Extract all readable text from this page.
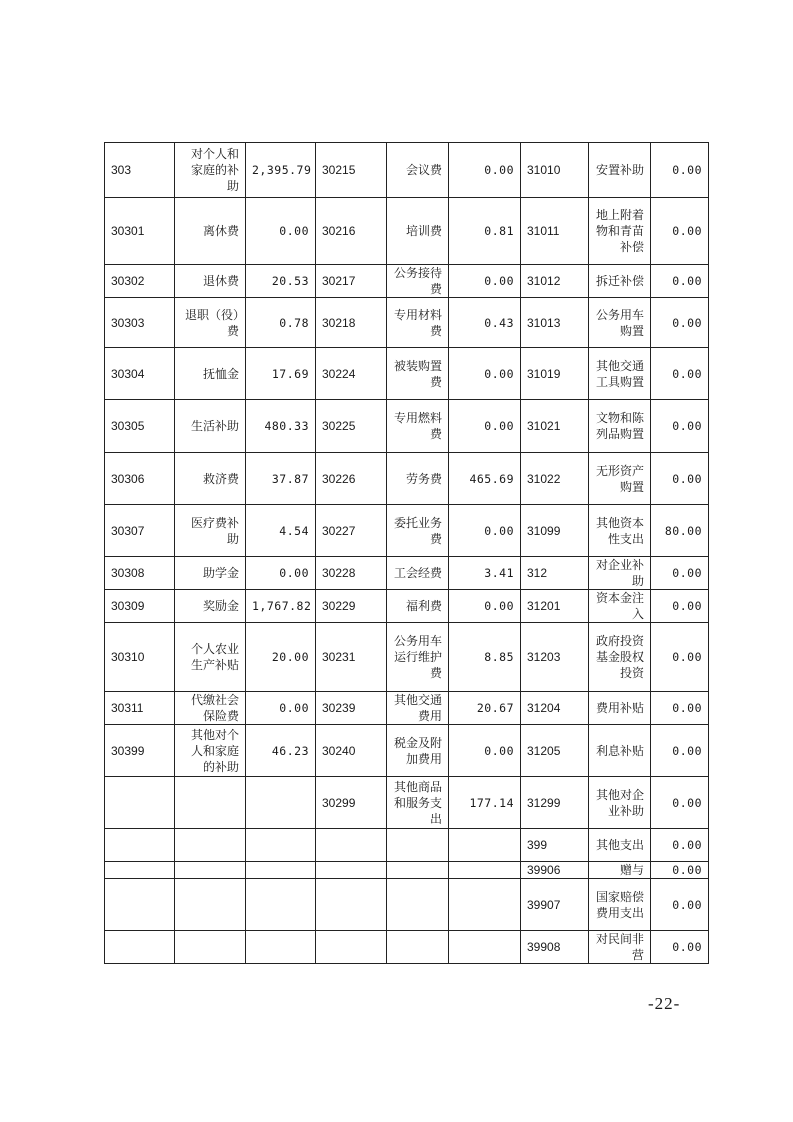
303	对个人和家庭的补助	2,395.79	30215	会议费	0.00	31010	安置补助	0.00
30301	离休费	0.00	30216	培训费	0.81	31011	地上附着物和青苗补偿	0.00
30302	退休费	20.53	30217	公务接待费	0.00	31012	拆迁补偿	0.00
30303	退职（役）费	0.78	30218	专用材料费	0.43	31013	公务用车购置	0.00
30304	抚恤金	17.69	30224	被装购置费	0.00	31019	其他交通工具购置	0.00
30305	生活补助	480.33	30225	专用燃料费	0.00	31021	文物和陈列品购置	0.00
30306	救济费	37.87	30226	劳务费	465.69	31022	无形资产购置	0.00
30307	医疗费补助	4.54	30227	委托业务费	0.00	31099	其他资本性支出	80.00
30308	助学金	0.00	30228	工会经费	3.41	312	对企业补助	0.00
30309	奖励金	1,767.82	30229	福利费	0.00	31201	资本金注入	0.00
30310	个人农业生产补贴	20.00	30231	公务用车运行维护费	8.85	31203	政府投资基金股权投资	0.00
30311	代缴社会保险费	0.00	30239	其他交通费用	20.67	31204	费用补贴	0.00
30399	其他对个人和家庭的补助	46.23	30240	税金及附加费用	0.00	31205	利息补贴	0.00
			30299	其他商品和服务支出	177.14	31299	其他对企业补助	0.00
						399	其他支出	0.00
						39906	赠与	0.00
						39907	国家赔偿费用支出	0.00
						39908	对民间非营	0.00
-22-
